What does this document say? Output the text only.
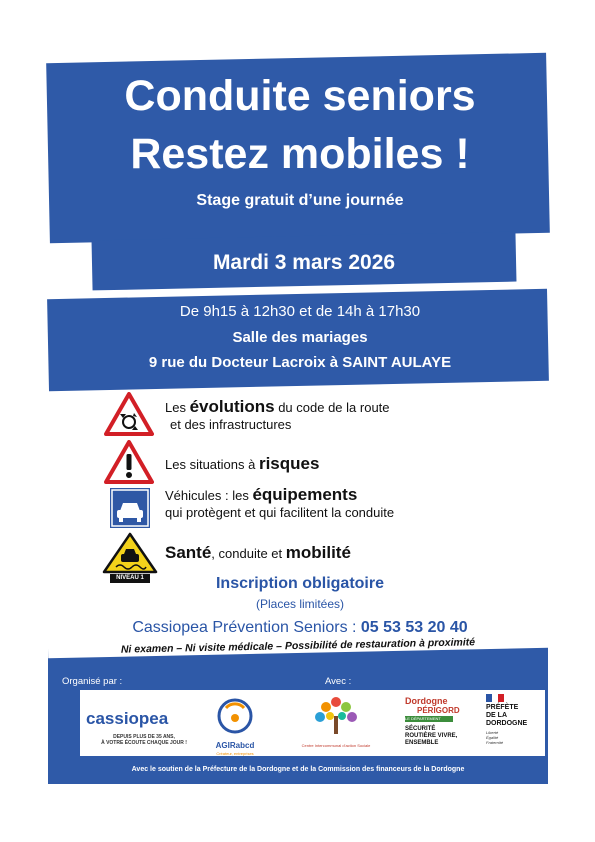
Conduite seniors
Restez mobiles !
Stage gratuit d’une journée
Mardi 3 mars 2026
De 9h15 à 12h30 et de 14h à 17h30
Salle des mariages
9 rue du Docteur Lacroix à SAINT AULAYE
Les évolutions du code de la route
et des infrastructures
Les situations à risques
Véhicules : les équipements
qui protègent et qui facilitent la conduite
NIVEAU 1
Santé, conduite et mobilité
Inscription obligatoire
(Places limitées)
Cassiopea Prévention Seniors : 05 53 53 20 40
Ni examen – Ni visite médicale – Possibilité de restauration à proximité
Organisé par :	Avec :
cassiopea
DEPUIS PLUS DE 35 ANS,
À VOTRE ÉCOUTE CHAQUE JOUR !	AGIRabcd
Créateur, entreprises
Centre Intercommunal d’action Sociale
Dordogne
PÉRIGORD
LE DÉPARTEMENT
SÉCURITÉ
ROUTIÈRE VIVRE,
ENSEMBLE
PRÉFÈTE
DE LA
DORDOGNE
Liberté
Égalité
Fraternité
Avec le soutien de la Préfecture de la Dordogne et de la Commission des financeurs de la Dordogne
